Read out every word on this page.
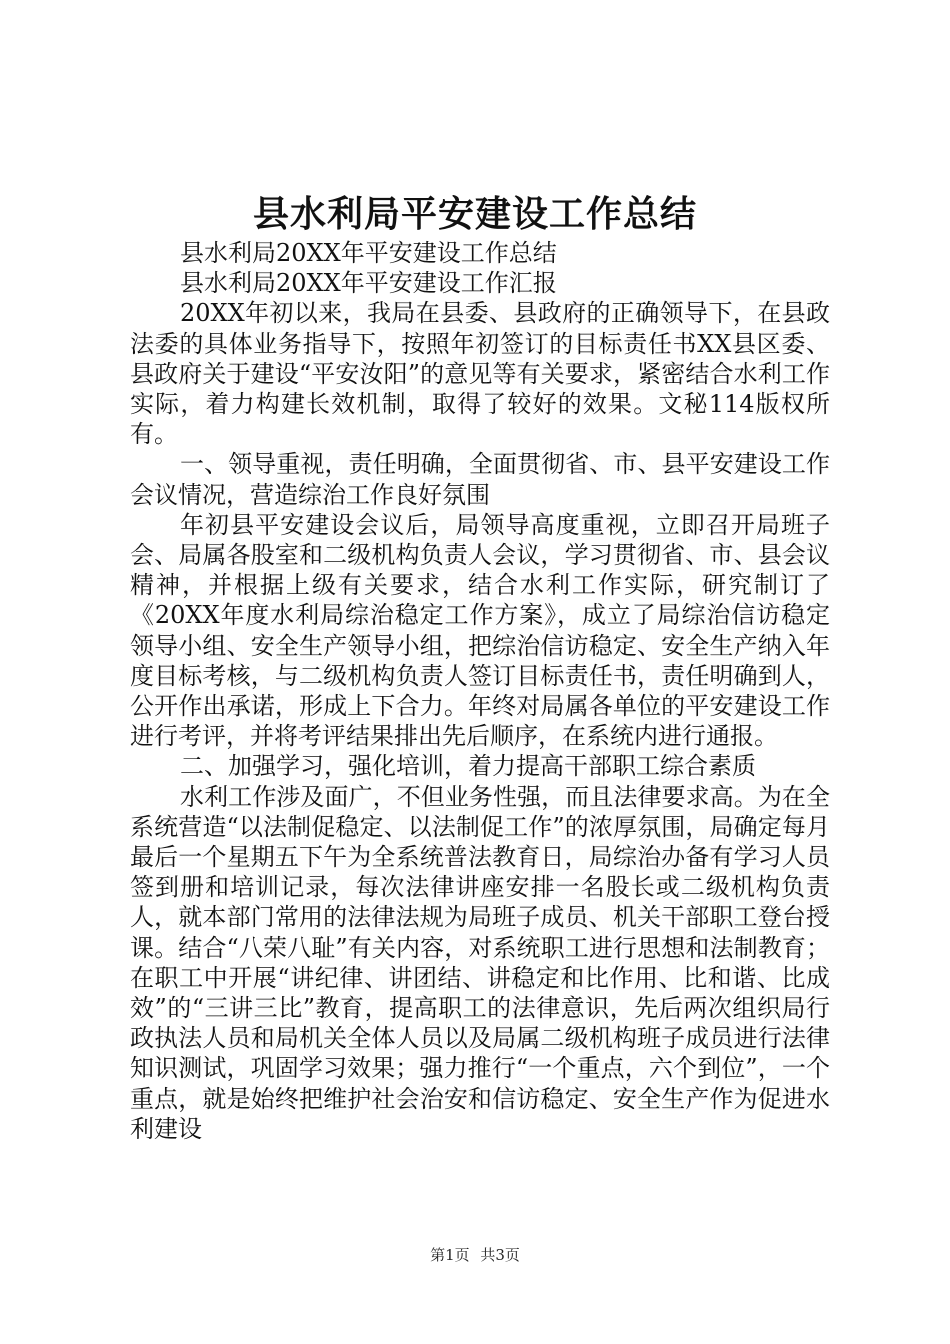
县水利局平安建设工作总结
县水利局20XX年平安建设工作总结
县水利局20XX年平安建设工作汇报

20XX年初以来，我局在县委、县政府的正确领导下，在县政法委的具体业务指导下，按照年初签订的目标责任书XX县区委、县政府关于建设“平安汝阳”的意见等有关要求，紧密结合水利工作实际，着力构建长效机制，取得了较好的效果。文秘114版权所有。

一、领导重视，责任明确，全面贯彻省、市、县平安建设工作会议情况，营造综治工作良好氛围

年初县平安建设会议后，局领导高度重视，立即召开局班子会、局属各股室和二级机构负责人会议，学习贯彻省、市、县会议精神，并根据上级有关要求，结合水利工作实际，研究制订了《20XX年度水利局综治稳定工作方案》，成立了局综治信访稳定领导小组、安全生产领导小组，把综治信访稳定、安全生产纳入年度目标考核，与二级机构负责人签订目标责任书，责任明确到人，公开作出承诺，形成上下合力。年终对局属各单位的平安建设工作进行考评，并将考评结果排出先后顺序，在系统内进行通报。

二、加强学习，强化培训，着力提高干部职工综合素质

水利工作涉及面广，不但业务性强，而且法律要求高。为在全系统营造“以法制促稳定、以法制促工作”的浓厚氛围，局确定每月最后一个星期五下午为全系统普法教育日，局综治办备有学习人员签到册和培训记录，每次法律讲座安排一名股长或二级机构负责人，就本部门常用的法律法规为局班子成员、机关干部职工登台授课。结合“八荣八耻”有关内容，对系统职工进行思想和法制教育；在职工中开展“讲纪律、讲团结、讲稳定和比作用、比和谐、比成效”的“三讲三比”教育，提高职工的法律意识，先后两次组织局行政执法人员和局机关全体人员以及局属二级机构班子成员进行法律知识测试，巩固学习效果；强力推行“一个重点，六个到位”，一个重点，就是始终把维护社会治安和信访稳定、安全生产作为促进水利建设

第1页 共3页
